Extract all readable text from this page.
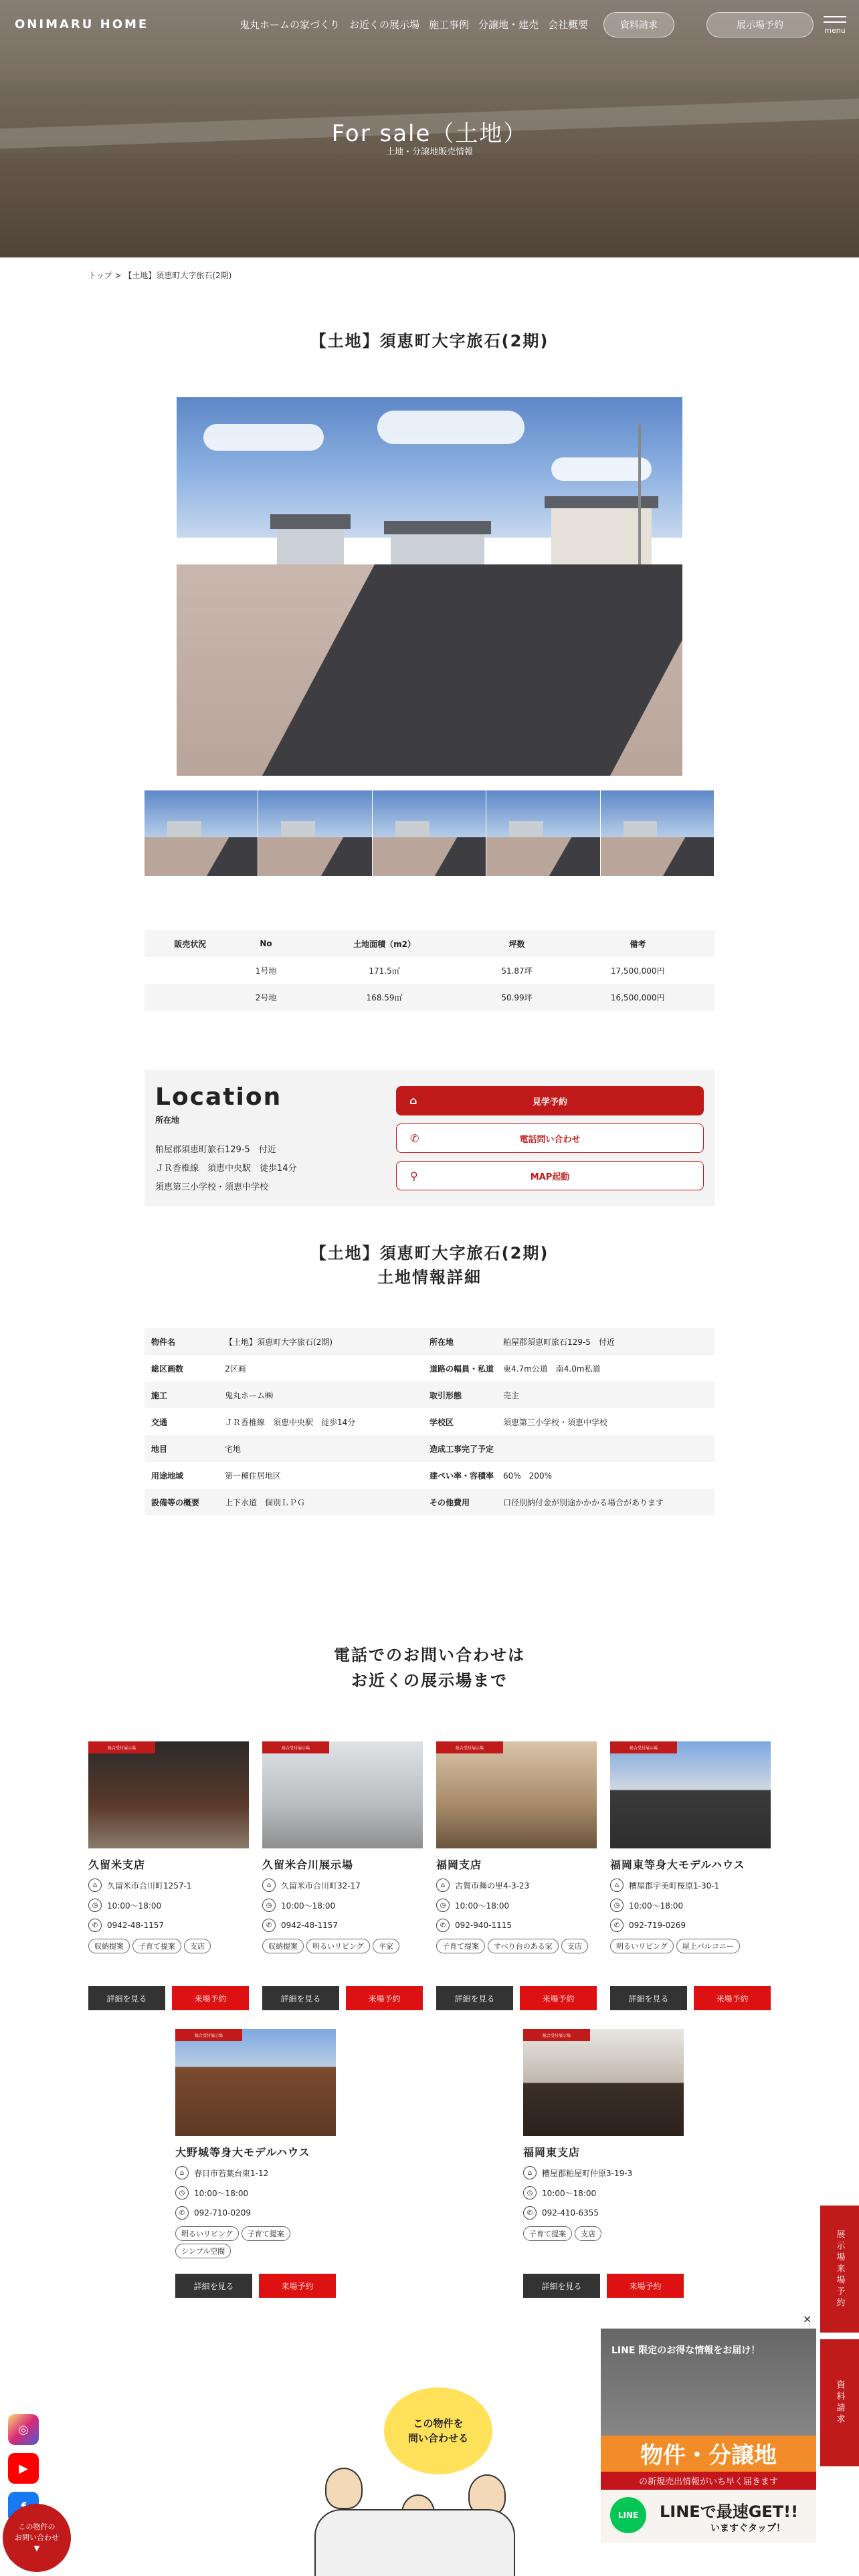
ONIMARU HOME	鬼丸ホームの家づくり お近くの展示場 施工事例 分譲地・建売 会社概要	資料請求	展示場予約	menu
For sale（土地）
土地・分譲地販売情報
トップ > 【土地】須恵町大字旅石(2期)
【土地】須恵町大字旅石(2期)
販売状況	No	土地面積（m2）	坪数	備考
	1号地	171.5㎡	51.87坪	17,500,000円
	2号地	168.59㎡	50.99坪	16,500,000円
Location
所在地
粕屋郡須恵町旅石129-5　付近
ＪＲ香椎線　須恵中央駅　徒歩14分
須恵第三小学校・須恵中学校
⌂	見学予約
✆	電話問い合わせ
⚲	MAP起動
【土地】須恵町大字旅石(2期)
土地情報詳細
物件名	【土地】須恵町大字旅石(2期)	所在地	粕屋郡須恵町旅石129-5　付近
総区画数	2区画	道路の幅員・私道	東4.7m公道　南4.0m私道
施工	鬼丸ホーム㈱	取引形態	売主
交通	ＪＲ香椎線　須恵中央駅　徒歩14分	学校区	須恵第三小学校・須恵中学校
地目	宅地	造成工事完了予定	
用途地域	第一種住居地区	建ぺい率・容積率	60%　200%
設備等の概要	上下水道　個別ＬＰＧ	その他費用	口径別納付金が別途かかかる場合があります
電話でのお問い合わせは
お近くの展示場まで
総合受付展示場
久留米支店
⌂	久留米市合川町1257-1
◷	10:00〜18:00
✆	0942-48-1157
収納提案	子育て提案	支店
詳細を見る	来場予約
総合受付展示場
久留米合川展示場
⌂	久留米市合川町32-17
◷	10:00〜18:00
✆	0942-48-1157
収納提案	明るいリビング	平家
詳細を見る	来場予約
総合受付展示場
福岡支店
⌂	古賀市舞の里4-3-23
◷	10:00〜18:00
✆	092-940-1115
子育て提案	すべり台のある家	支店
詳細を見る	来場予約
総合受付展示場
福岡東等身大モデルハウス
⌂	糟屋郡宇美町桜原1-30-1
◷	10:00〜18:00
✆	092-719-0269
明るいリビング	屋上バルコニー
詳細を見る	来場予約
総合受付展示場
大野城等身大モデルハウス
⌂	春日市若葉台東1-12
◷	10:00〜18:00
✆	092-710-0209
明るいリビング	子育て提案
シンプル空間
詳細を見る	来場予約
総合受付展示場
福岡東支店
⌂	糟屋郡粕屋町仲原3-19-3
◷	10:00〜18:00
✆	092-410-6355
子育て提案	支店
詳細を見る	来場予約	展示場来場予約
資料請求
×
LINE 限定のお得な情報をお届け！
物件・分譲地
の新規売出情報がいち早く届きます
LINE	LINEで最速GET!!
いますぐタップ！
この物件を
問い合わせる
◎
▶
この物件の
お問い合わせ
▼
